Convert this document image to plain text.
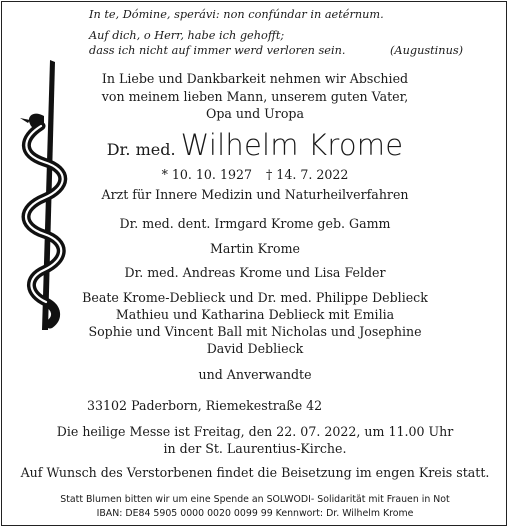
In te, Dómine, sperávi: non confúndar in aetérnum.
Auf dich, o Herr, habe ich gehofft;
dass ich nicht auf immer werd verloren sein.	(Augustinus)
In Liebe und Dankbarkeit nehmen wir Abschied
von meinem lieben Mann, unserem guten Vater,
Opa und Uropa
Dr. med. Wilhelm Krome
* 10. 10. 1927 † 14. 7. 2022
Arzt für Innere Medizin und Naturheilverfahren
Dr. med. dent. Irmgard Krome geb. Gamm
Martin Krome
Dr. med. Andreas Krome und Lisa Felder
Beate Krome-Deblieck und Dr. med. Philippe Deblieck
Mathieu und Katharina Deblieck mit Emilia
Sophie und Vincent Ball mit Nicholas und Josephine
David Deblieck
und Anverwandte
33102 Paderborn, Riemekestraße 42
Die heilige Messe ist Freitag, den 22. 07. 2022, um 11.00 Uhr
in der St. Laurentius-Kirche.
Auf Wunsch des Verstorbenen findet die Beisetzung im engen Kreis statt.
Statt Blumen bitten wir um eine Spende an SOLWODI- Solidarität mit Frauen in Not
IBAN: DE84 5905 0000 0020 0099 99 Kennwort: Dr. Wilhelm Krome
